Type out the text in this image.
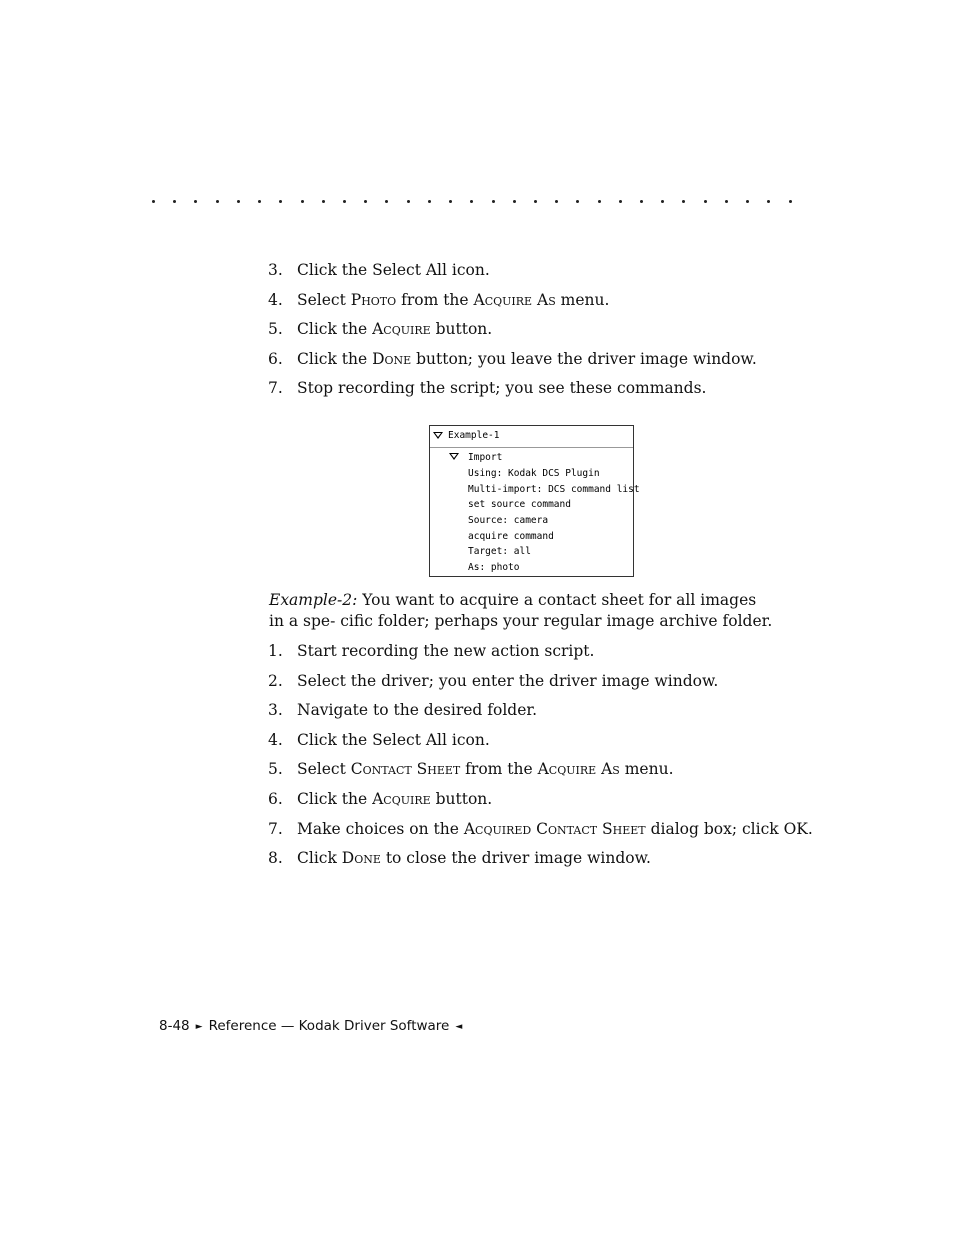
3. Click the Select All icon.
4. Select Photo from the Acquire As menu.
5. Click the Acquire button.
6. Click the Done button; you leave the driver image window.
7. Stop recording the script; you see these commands.
Example-1
Import
Using: Kodak DCS Plugin
Multi-import: DCS command list
set source command
Source: camera
acquire command
Target: all
As: photo
Example-2: You want to acquire a contact sheet for all images in a spe- cific folder; perhaps your regular image archive folder.
1. Start recording the new action script.
2. Select the driver; you enter the driver image window.
3. Navigate to the desired folder.
4. Click the Select All icon.
5. Select Contact Sheet from the Acquire As menu.
6. Click the Acquire button.
7. Make choices on the Acquired Contact Sheet dialog box; click OK.
8. Click Done to close the driver image window.
8-48 ► Reference — Kodak Driver Software ◄
